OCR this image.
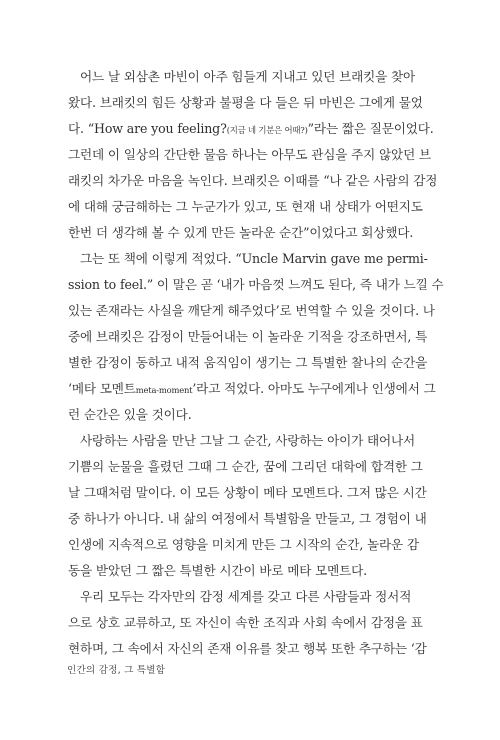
어느 날 외삼촌 마빈이 아주 힘들게 지내고 있던 브래킷을 찾아
왔다. 브래킷의 힘든 상황과 불평을 다 들은 뒤 마빈은 그에게 물었
다. “How are you feeling?(지금 네 기분은 어때?)”라는 짧은 질문이었다.
그런데 이 일상의 간단한 물음 하나는 아무도 관심을 주지 않았던 브
래킷의 차가운 마음을 녹인다. 브래킷은 이때를 “나 같은 사람의 감정
에 대해 궁금해하는 그 누군가가 있고, 또 현재 내 상태가 어떤지도
한번 더 생각해 볼 수 있게 만든 놀라운 순간”이었다고 회상했다.
그는 또 책에 이렇게 적었다. “Uncle Marvin gave me permi-
ssion to feel.” 이 말은 곧 ‘내가 마음껏 느껴도 된다, 즉 내가 느낄 수
있는 존재라는 사실을 깨닫게 해주었다’로 번역할 수 있을 것이다. 나
중에 브래킷은 감정이 만들어내는 이 놀라운 기적을 강조하면서, 특
별한 감정이 동하고 내적 움직임이 생기는 그 특별한 찰나의 순간을
‘메타 모멘트meta-moment’라고 적었다. 아마도 누구에게나 인생에서 그
런 순간은 있을 것이다.
사랑하는 사람을 만난 그날 그 순간, 사랑하는 아이가 태어나서
기쁨의 눈물을 흘렸던 그때 그 순간, 꿈에 그리던 대학에 합격한 그
날 그때처럼 말이다. 이 모든 상황이 메타 모멘트다. 그저 많은 시간
중 하나가 아니다. 내 삶의 여정에서 특별함을 만들고, 그 경험이 내
인생에 지속적으로 영향을 미치게 만든 그 시작의 순간, 놀라운 감
동을 받았던 그 짧은 특별한 시간이 바로 메타 모멘트다.
우리 모두는 각자만의 감정 세계를 갖고 다른 사람들과 정서적
으로 상호 교류하고, 또 자신이 속한 조직과 사회 속에서 감정을 표
현하며, 그 속에서 자신의 존재 이유를 찾고 행복 또한 추구하는 ‘감
인간의 감정, 그 특별함
